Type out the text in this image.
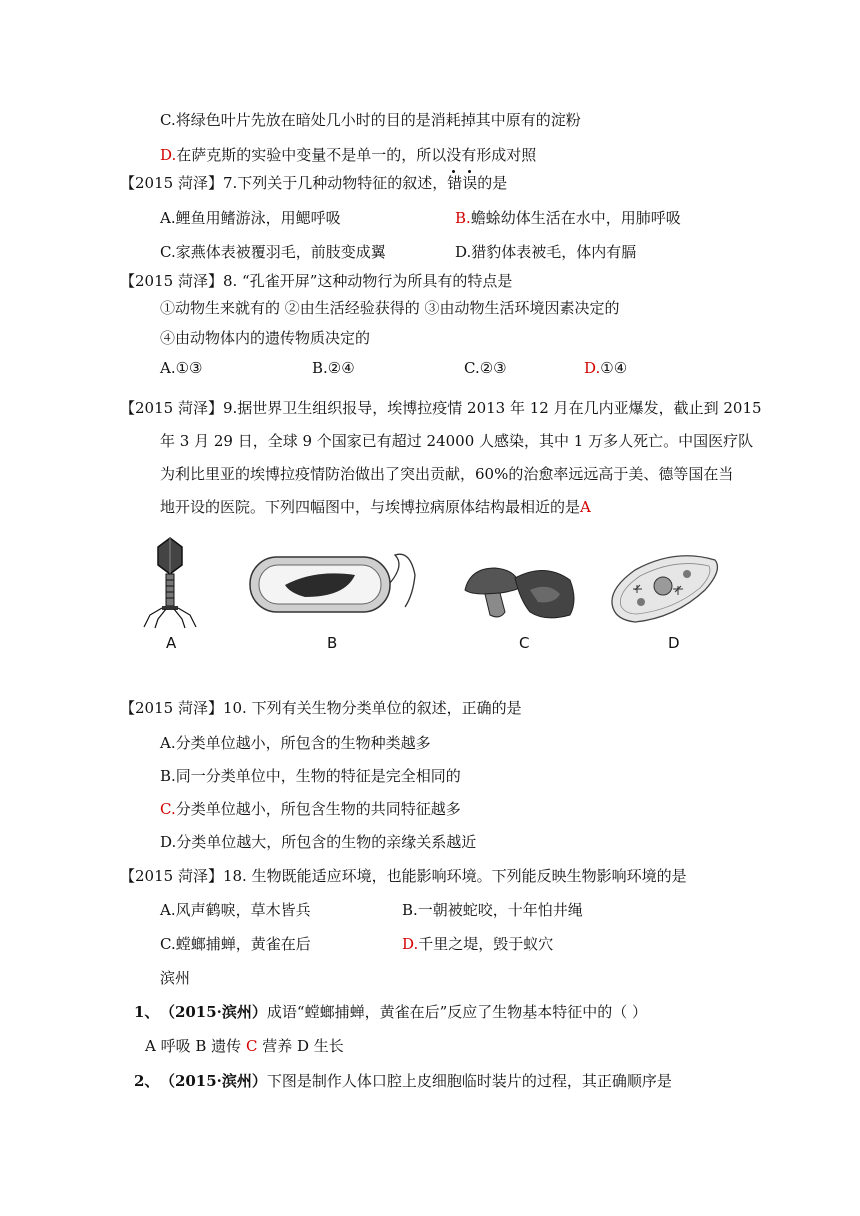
C.将绿色叶片先放在暗处几小时的目的是消耗掉其中原有的淀粉
D.在萨克斯的实验中变量不是单一的，所以没有形成对照
【2015 菏泽】7.下列关于几种动物特征的叙述，错误
的是
A.鲤鱼用鳍游泳，用鳃呼吸	B.蟾蜍幼体生活在水中，用肺呼吸
C.家燕体表被覆羽毛，前肢变成翼	D.猎豹体表被毛，体内有膈
【2015 菏泽】8. “孔雀开屏”这种动物行为所具有的特点是
①动物生来就有的 ②由生活经验获得的 ③由动物生活环境因素决定的
④由动物体内的遗传物质决定的
A.①③	B.②④	C.②③	D.①④
【2015 菏泽】9.据世界卫生组织报导，埃博拉疫情 2013 年 12 月在几内亚爆发，截止到 2015
年 3 月 29 日，全球 9 个国家已有超过 24000 人感染，其中 1 万多人死亡。中国医疗队
为利比里亚的埃博拉疫情防治做出了突出贡献，60%的治愈率远远高于美、德等国在当
地开设的医院。下列四幅图中，与埃博拉病原体结构最相近的是A
A	B	C	D
【2015 菏泽】10. 下列有关生物分类单位的叙述，正确的是
A.分类单位越小，所包含的生物种类越多
B.同一分类单位中，生物的特征是完全相同的
C.分类单位越小，所包含生物的共同特征越多
D.分类单位越大，所包含的生物的亲缘关系越近
【2015 菏泽】18. 生物既能适应环境，也能影响环境。下列能反映生物影响环境的是
A.风声鹤唳，草木皆兵	B.一朝被蛇咬，十年怕井绳
C.螳螂捕蝉，黄雀在后	D.千里之堤，毁于蚁穴
滨州
1、 （2015·滨州）成语“螳螂捕蝉，黄雀在后”反应了生物基本特征中的（ ）
A 呼吸 B 遗传 C 营养 D 生长
2、 （2015·滨州）下图是制作人体口腔上皮细胞临时装片的过程，其正确顺序是
